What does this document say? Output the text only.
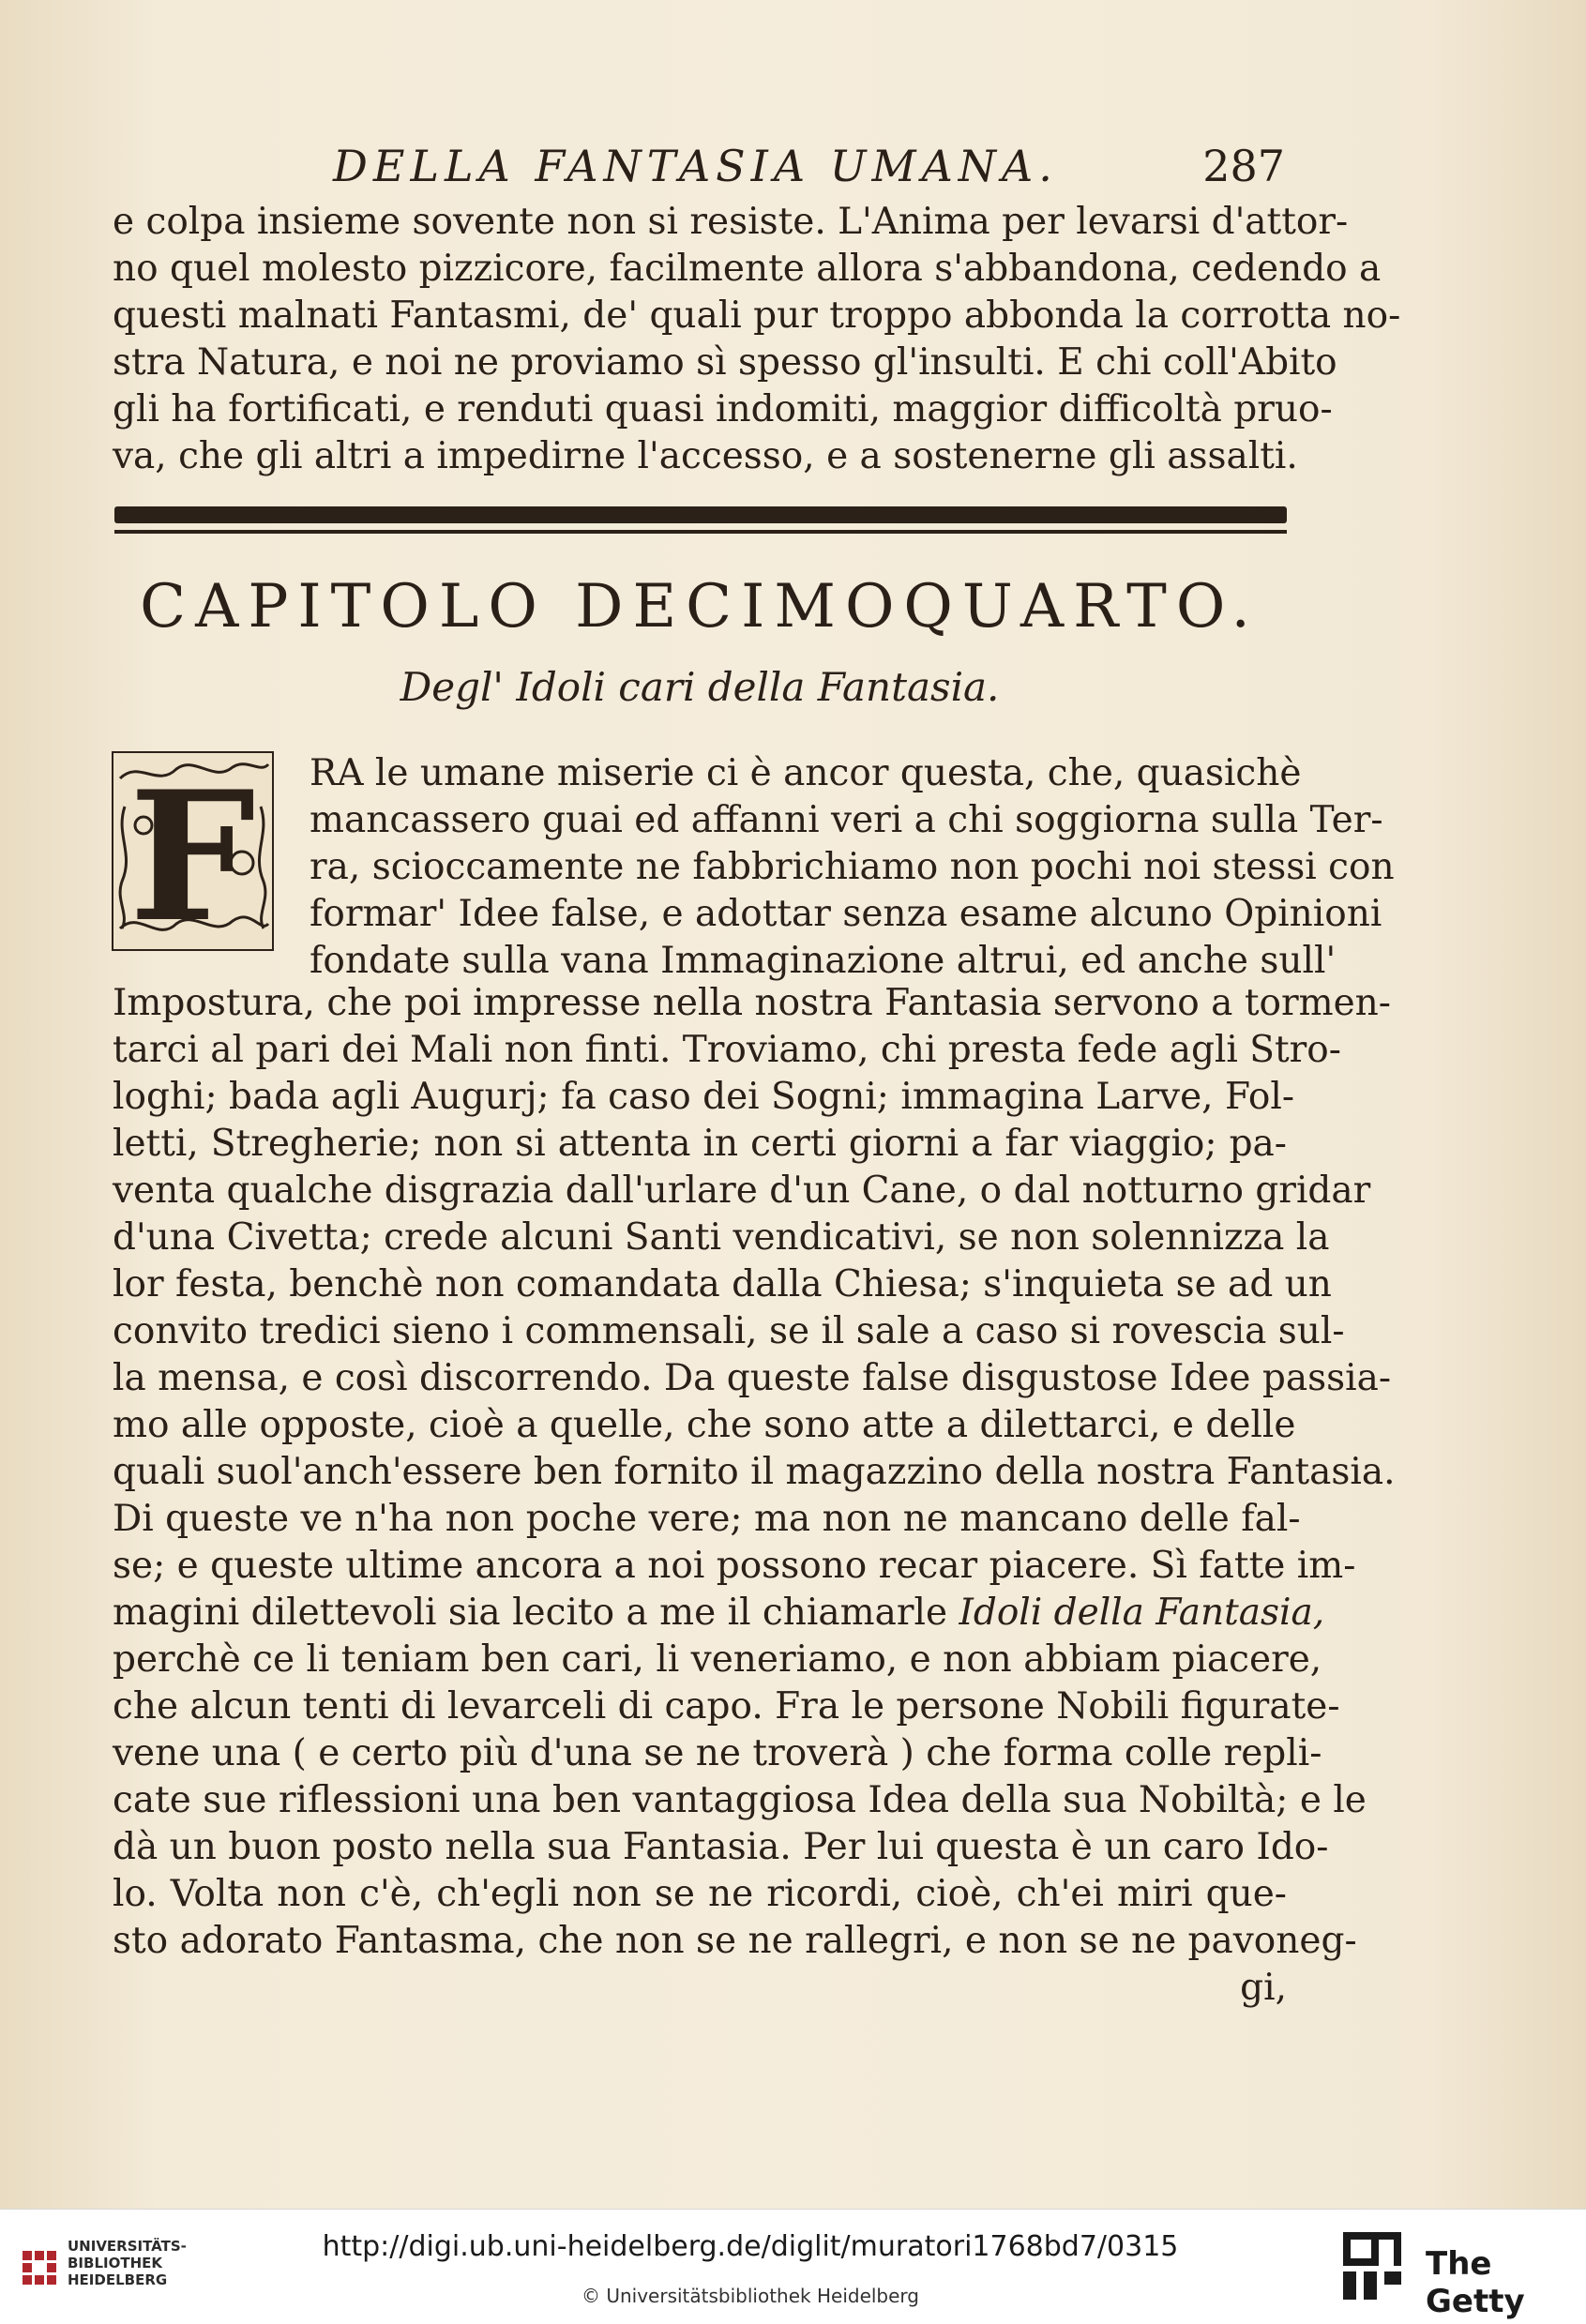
DELLA FANTASIA UMANA.	287
e colpa insieme sovente non si resiste. L'Anima per levarsi d'attor-
no quel molesto pizzicore, facilmente allora s'abbandona, cedendo a
questi malnati Fantasmi, de' quali pur troppo abbonda la corrotta no-
stra Natura, e noi ne proviamo sì spesso gl'insulti. E chi coll'Abito
gli ha fortificati, e renduti quasi indomiti, maggior difficoltà pruo-
va, che gli altri a impedirne l'accesso, e a sostenerne gli assalti.
CAPITOLO DECIMOQUARTO.
Degl' Idoli cari della Fantasia.
F RA le umane miserie ci è ancor questa, che, quasichè
mancassero guai ed affanni veri a chi soggiorna sulla Ter-
ra, scioccamente ne fabbrichiamo non pochi noi stessi con
formar' Idee false, e adottar senza esame alcuno Opinioni
fondate sulla vana Immaginazione altrui, ed anche sull'
Impostura, che poi impresse nella nostra Fantasia servono a tormen-
tarci al pari dei Mali non finti. Troviamo, chi presta fede agli Stro-
loghi; bada agli Augurj; fa caso dei Sogni; immagina Larve, Fol-
letti, Stregherie; non si attenta in certi giorni a far viaggio; pa-
venta qualche disgrazia dall'urlare d'un Cane, o dal notturno gridar
d'una Civetta; crede alcuni Santi vendicativi, se non solennizza la
lor festa, benchè non comandata dalla Chiesa; s'inquieta se ad un
convito tredici sieno i commensali, se il sale a caso si rovescia sul-
la mensa, e così discorrendo. Da queste false disgustose Idee passia-
mo alle opposte, cioè a quelle, che sono atte a dilettarci, e delle
quali suol'anch'essere ben fornito il magazzino della nostra Fantasia.
Di queste ve n'ha non poche vere; ma non ne mancano delle fal-
se; e queste ultime ancora a noi possono recar piacere. Sì fatte im-
magini dilettevoli sia lecito a me il chiamarle Idoli della Fantasia,
perchè ce li teniam ben cari, li veneriamo, e non abbiam piacere,
che alcun tenti di levarceli di capo. Fra le persone Nobili figurate-
vene una ( e certo più d'una se ne troverà ) che forma colle repli-
cate sue riflessioni una ben vantaggiosa Idea della sua Nobiltà; e le
dà un buon posto nella sua Fantasia. Per lui questa è un caro Ido-
lo. Volta non c'è, ch'egli non se ne ricordi, cioè, ch'ei miri que-
sto adorato Fantasma, che non se ne rallegri, e non se ne pavoneg-
gi,
UNIVERSITÄTS-
BIBLIOTHEK
HEIDELBERG
http://digi.ub.uni-heidelberg.de/diglit/muratori1768bd7/0315
© Universitätsbibliothek Heidelberg
The Getty
